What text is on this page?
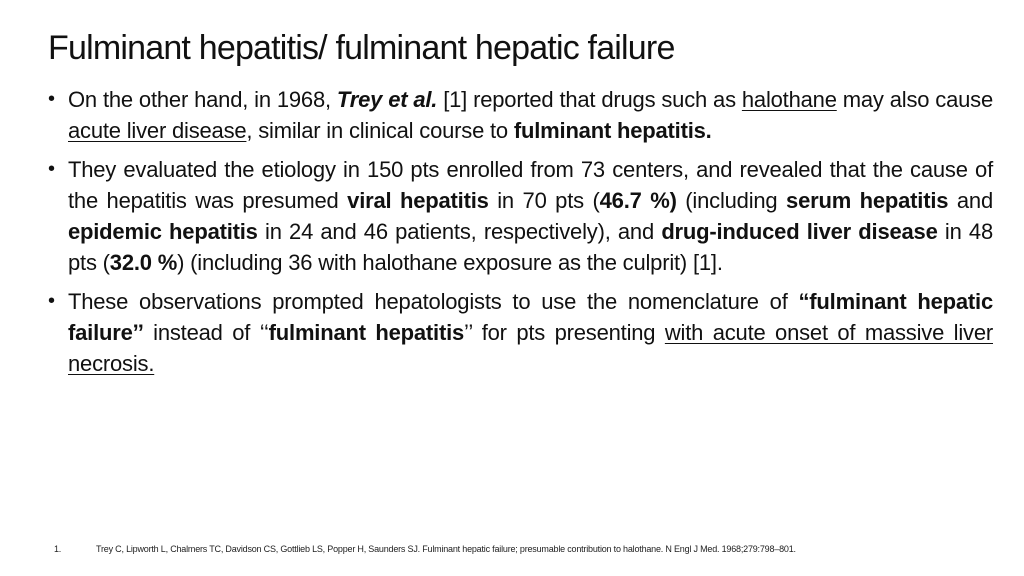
Fulminant hepatitis/ fulminant hepatic failure
• On the other hand, in 1968, Trey et al. [1] reported that drugs such as halothane may also cause acute liver disease, similar in clinical course to fulminant hepatitis.
• They evaluated the etiology in 150 pts enrolled from 73 centers, and revealed that the cause of the hepatitis was presumed viral hepatitis in 70 pts (46.7 %) (including serum hepatitis and epidemic hepatitis in 24 and 46 patients, respectively), and drug-induced liver disease in 48 pts (32.0 %) (including 36 with halothane exposure as the culprit) [1].
• These observations prompted hepatologists to use the nomenclature of “fulminant hepatic failure’’ instead of ‘‘fulminant hepatitis’’ for pts presenting with acute onset of massive liver necrosis.
1.	Trey C, Lipworth L, Chalmers TC, Davidson CS, Gottlieb LS, Popper H, Saunders SJ. Fulminant hepatic failure; presumable contribution to halothane. N Engl J Med. 1968;279:798–801.
